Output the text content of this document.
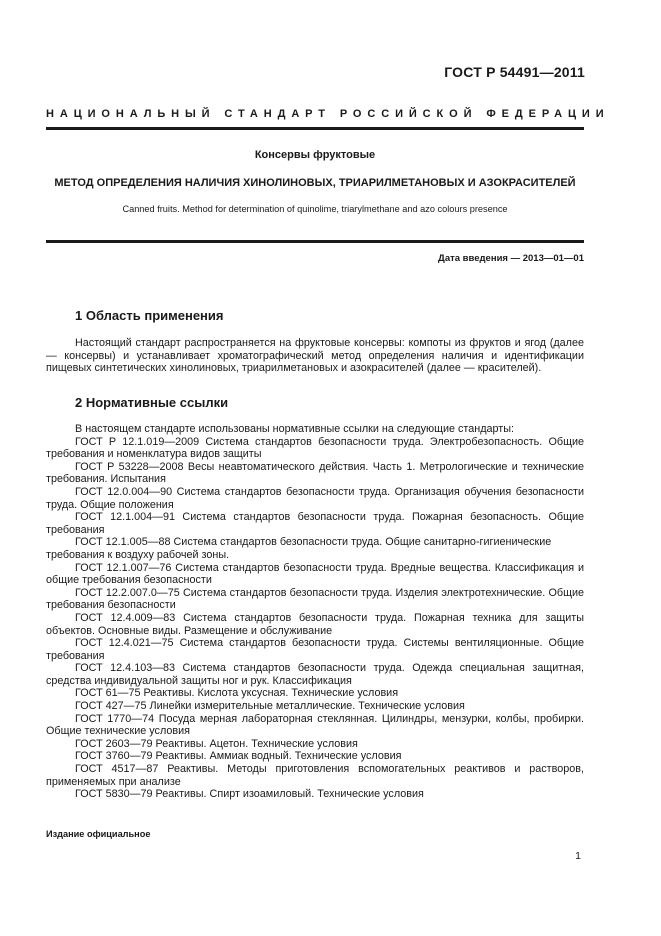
ГОСТ Р 54491—2011
НАЦИОНАЛЬНЫЙ СТАНДАРТ РОССИЙСКОЙ ФЕДЕРАЦИИ
Консервы фруктовые
МЕТОД ОПРЕДЕЛЕНИЯ НАЛИЧИЯ ХИНОЛИНОВЫХ, ТРИАРИЛМЕТАНОВЫХ И АЗОКРАСИТЕЛЕЙ
Canned fruits. Method for determination of quinolime, triarylmethane and azo colours presence
Дата введения — 2013—01—01
1 Область применения
Настоящий стандарт распространяется на фруктовые консервы: компоты из фруктов и ягод (далее — консервы) и устанавливает хроматографический метод определения наличия и идентификации пищевых синтетических хинолиновых, триарилметановых и азокрасителей (далее — красителей).
2 Нормативные ссылки
В настоящем стандарте использованы нормативные ссылки на следующие стандарты:
ГОСТ Р 12.1.019—2009 Система стандартов безопасности труда. Электробезопасность. Общие требования и номенклатура видов защиты
ГОСТ Р 53228—2008 Весы неавтоматического действия. Часть 1. Метрологические и технические требования. Испытания
ГОСТ 12.0.004—90 Система стандартов безопасности труда. Организация обучения безопасности труда. Общие положения
ГОСТ 12.1.004—91 Система стандартов безопасности труда. Пожарная безопасность. Общие требования
ГОСТ 12.1.005—88 Система стандартов безопасности труда. Общие санитарно-гигиенические требования к воздуху рабочей зоны.
ГОСТ 12.1.007—76 Система стандартов безопасности труда. Вредные вещества. Классификация и общие требования безопасности
ГОСТ 12.2.007.0—75 Система стандартов безопасности труда. Изделия электротехнические. Общие требования безопасности
ГОСТ 12.4.009—83 Система стандартов безопасности труда. Пожарная техника для защиты объектов. Основные виды. Размещение и обслуживание
ГОСТ 12.4.021—75 Система стандартов безопасности труда. Системы вентиляционные. Общие требования
ГОСТ 12.4.103—83 Система стандартов безопасности труда. Одежда специальная защитная, средства индивидуальной защиты ног и рук. Классификация
ГОСТ 61—75 Реактивы. Кислота уксусная. Технические условия
ГОСТ 427—75 Линейки измерительные металлические. Технические условия
ГОСТ 1770—74 Посуда мерная лабораторная стеклянная. Цилиндры, мензурки, колбы, пробирки. Общие технические условия
ГОСТ 2603—79 Реактивы. Ацетон. Технические условия
ГОСТ 3760—79 Реактивы. Аммиак водный. Технические условия
ГОСТ 4517—87 Реактивы. Методы приготовления вспомогательных реактивов и растворов, применяемых при анализе
ГОСТ 5830—79 Реактивы. Спирт изоамиловый. Технические условия
Издание официальное
1
